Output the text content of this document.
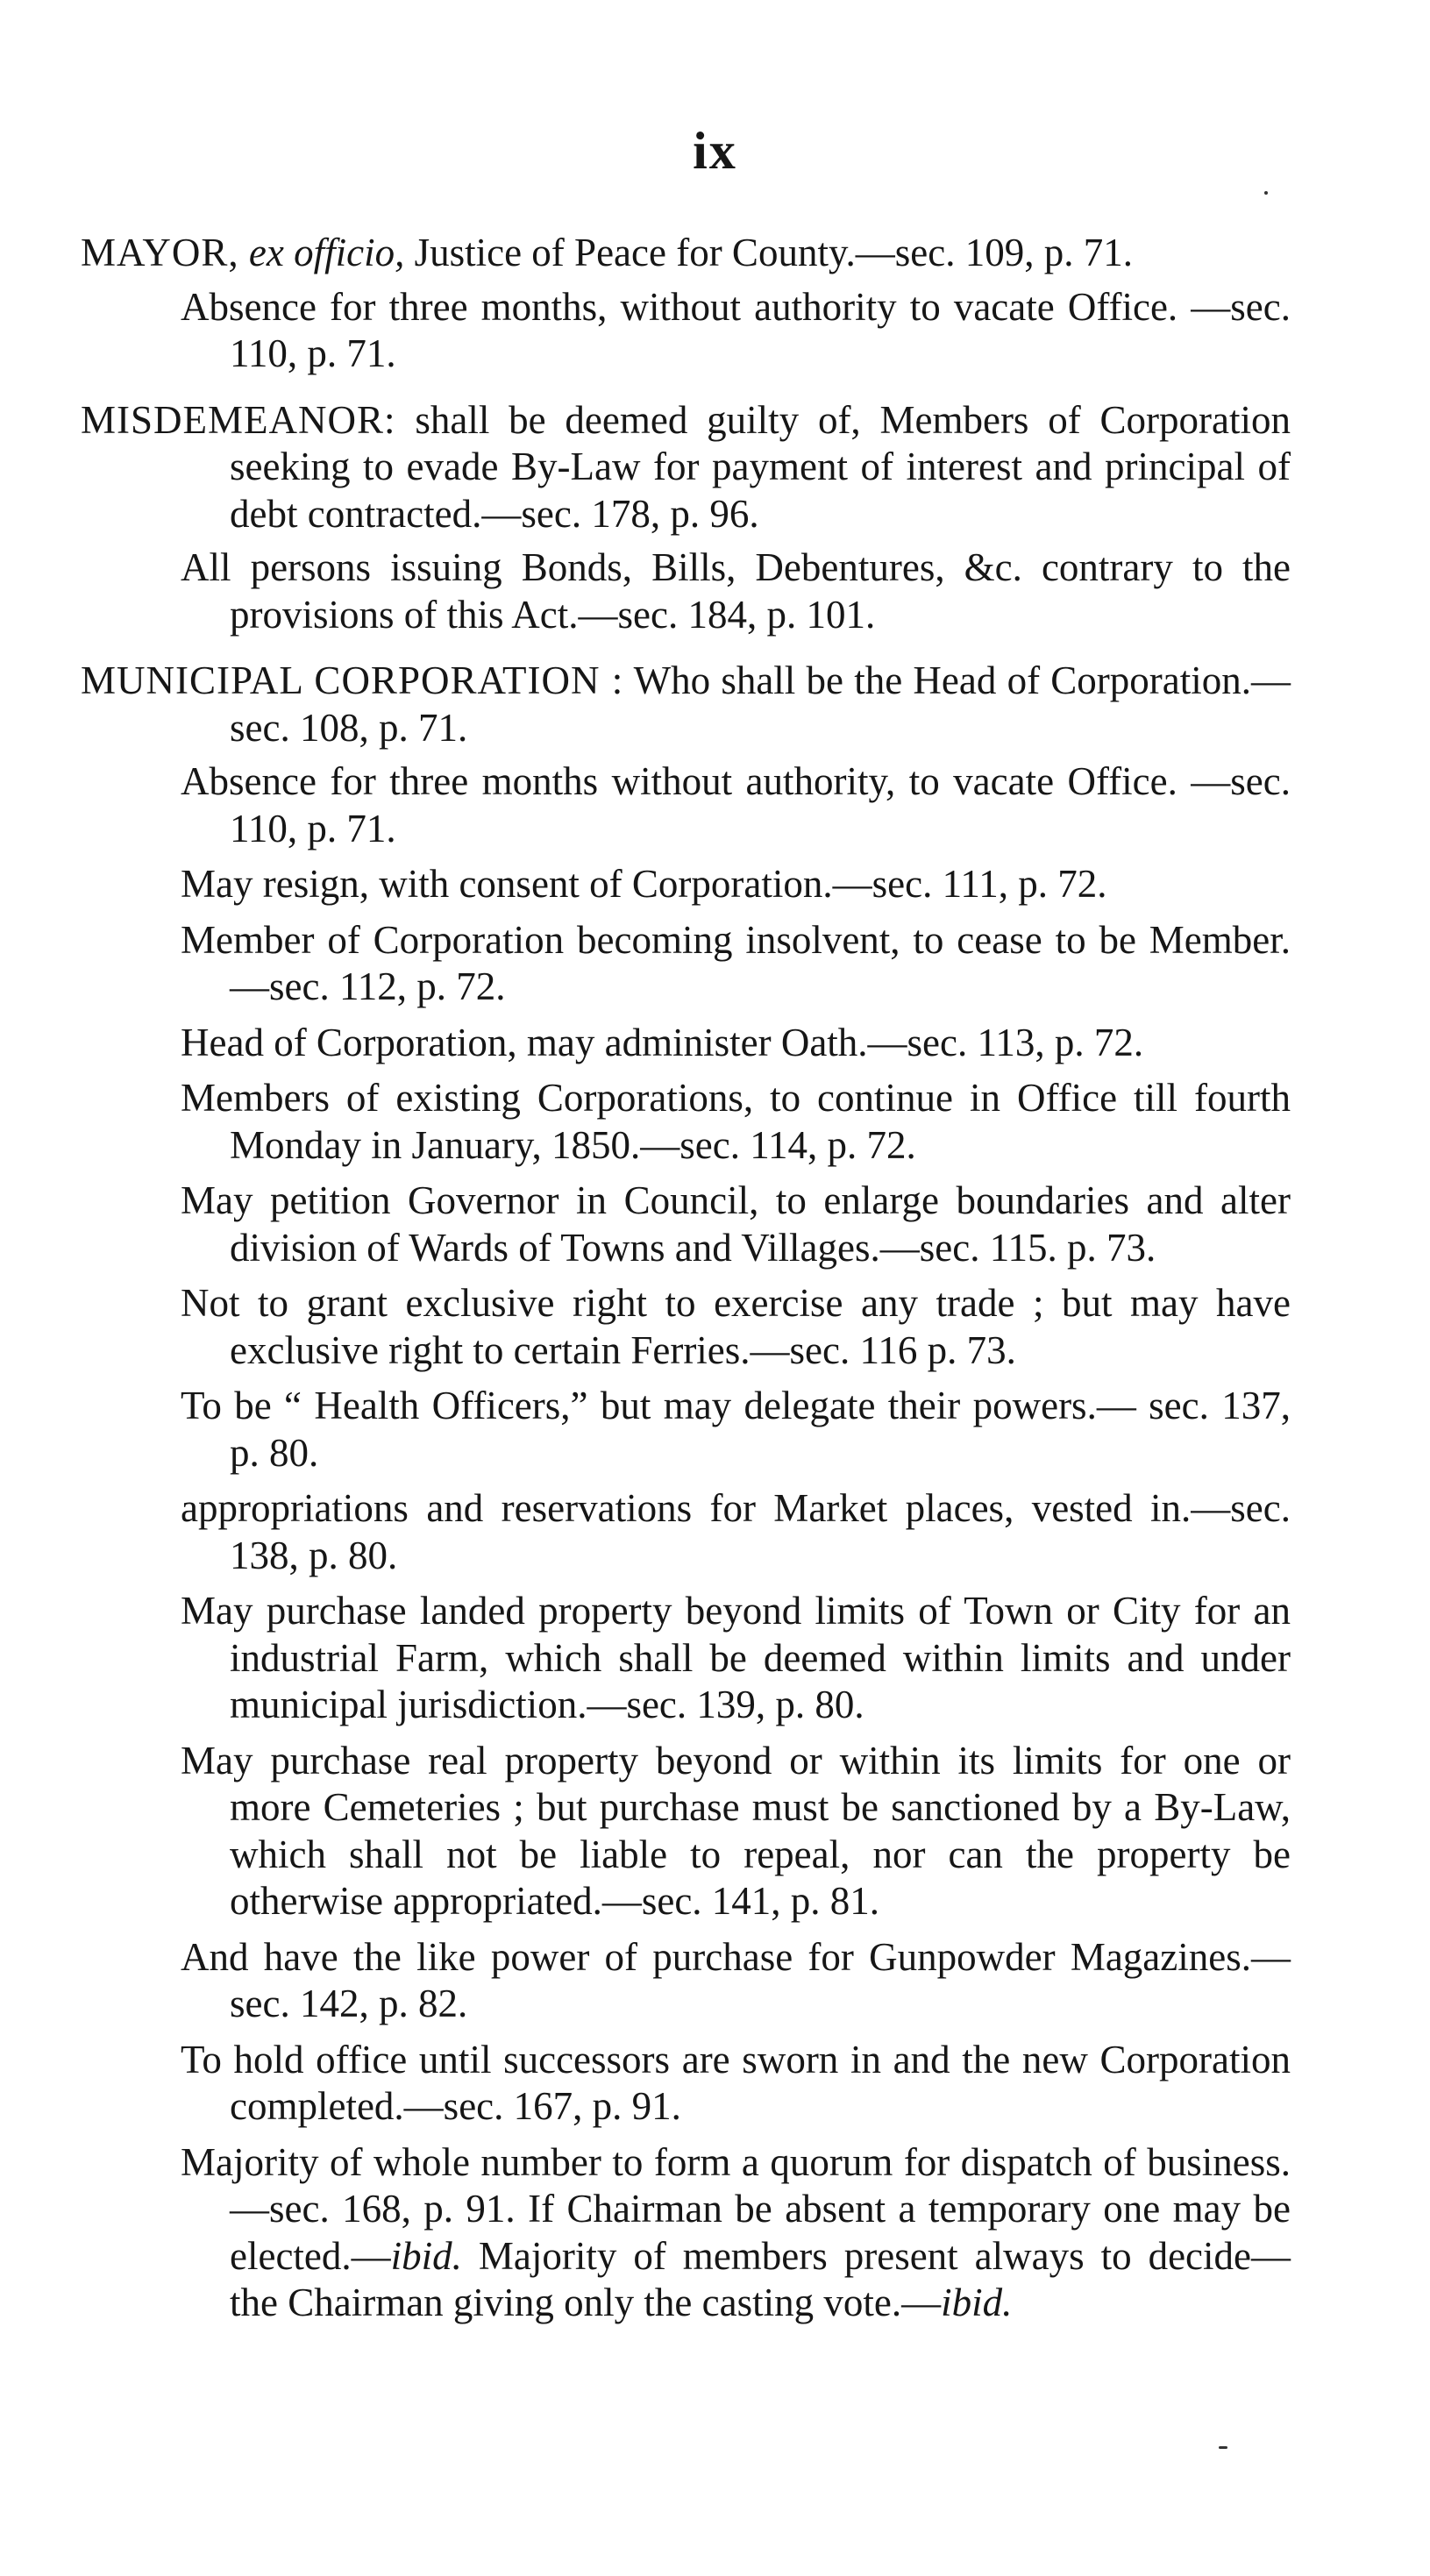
ix

MAYOR, ex officio, Justice of Peace for County.—sec. 109, p. 71.

Absence for three months, without authority to vacate Office. —sec. 110, p. 71.

MISDEMEANOR: shall be deemed guilty of, Members of Corporation seeking to evade By-Law for payment of interest and principal of debt contracted.—sec. 178, p. 96.

All persons issuing Bonds, Bills, Debentures, &c. contrary to the provisions of this Act.—sec. 184, p. 101.

MUNICIPAL CORPORATION : Who shall be the Head of Corporation.—sec. 108, p. 71.

Absence for three months without authority, to vacate Office. —sec. 110, p. 71.

May resign, with consent of Corporation.—sec. 111, p. 72.

Member of Corporation becoming insolvent, to cease to be Member.—sec. 112, p. 72.

Head of Corporation, may administer Oath.—sec. 113, p. 72.

Members of existing Corporations, to continue in Office till fourth Monday in January, 1850.—sec. 114, p. 72.

May petition Governor in Council, to enlarge boundaries and alter division of Wards of Towns and Villages.—sec. 115. p. 73.

Not to grant exclusive right to exercise any trade ; but may have exclusive right to certain Ferries.—sec. 116 p. 73.

To be “ Health Officers,” but may delegate their powers.— sec. 137, p. 80.

appropriations and reservations for Market places, vested in.—sec. 138, p. 80.

May purchase landed property beyond limits of Town or City for an industrial Farm, which shall be deemed within limits and under municipal jurisdiction.—sec. 139, p. 80.

May purchase real property beyond or within its limits for one or more Cemeteries ; but purchase must be sanctioned by a By-Law, which shall not be liable to repeal, nor can the property be otherwise appropriated.—sec. 141, p. 81.

And have the like power of purchase for Gunpowder Magazines.—sec. 142, p. 82.

To hold office until successors are sworn in and the new Corporation completed.—sec. 167, p. 91.

Majority of whole number to form a quorum for dispatch of business.—sec. 168, p. 91. If Chairman be absent a temporary one may be elected.—ibid. Majority of members present always to decide—the Chairman giving only the casting vote.—ibid.
